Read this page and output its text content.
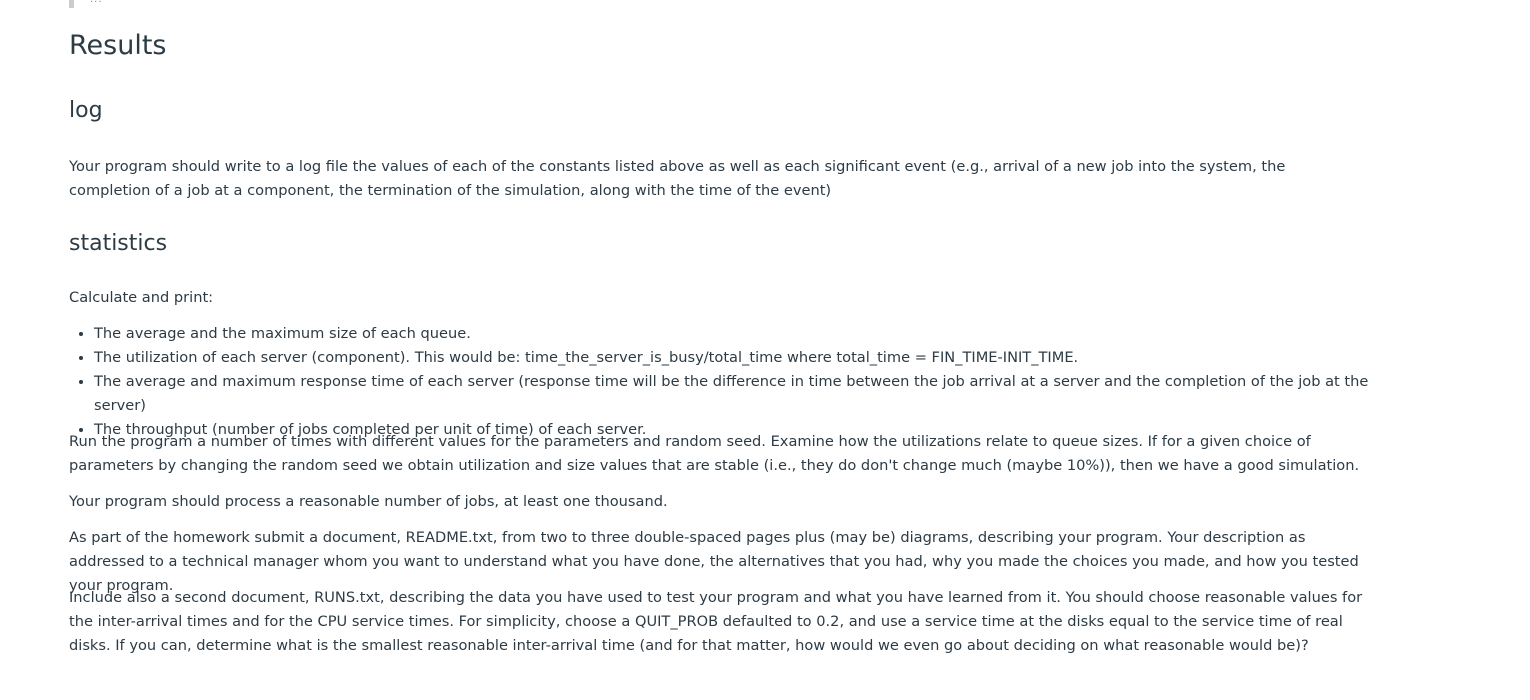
Results
log

Your program should write to a log file the values of each of the constants listed above as well as each significant event (e.g., arrival of a new job into the system, the completion of a job at a component, the termination of the simulation, along with the time of the event)

statistics

Calculate and print:

• The average and the maximum size of each queue.
• The utilization of each server (component). This would be: time_the_server_is_busy/total_time where total_time = FIN_TIME-INIT_TIME.
• The average and maximum response time of each server (response time will be the difference in time between the job arrival at a server and the completion of the job at the server)
• The throughput (number of jobs completed per unit of time) of each server.

Run the program a number of times with different values for the parameters and random seed. Examine how the utilizations relate to queue sizes. If for a given choice of parameters by changing the random seed we obtain utilization and size values that are stable (i.e., they do don't change much (maybe 10%)), then we have a good simulation.

Your program should process a reasonable number of jobs, at least one thousand.

As part of the homework submit a document, README.txt, from two to three double-spaced pages plus (may be) diagrams, describing your program. Your description as addressed to a technical manager whom you want to understand what you have done, the alternatives that you had, why you made the choices you made, and how you tested your program.

Include also a second document, RUNS.txt, describing the data you have used to test your program and what you have learned from it. You should choose reasonable values for the inter-arrival times and for the CPU service times. For simplicity, choose a QUIT_PROB defaulted to 0.2, and use a service time at the disks equal to the service time of real disks. If you can, determine what is the smallest reasonable inter-arrival time (and for that matter, how would we even go about deciding on what reasonable would be)?
